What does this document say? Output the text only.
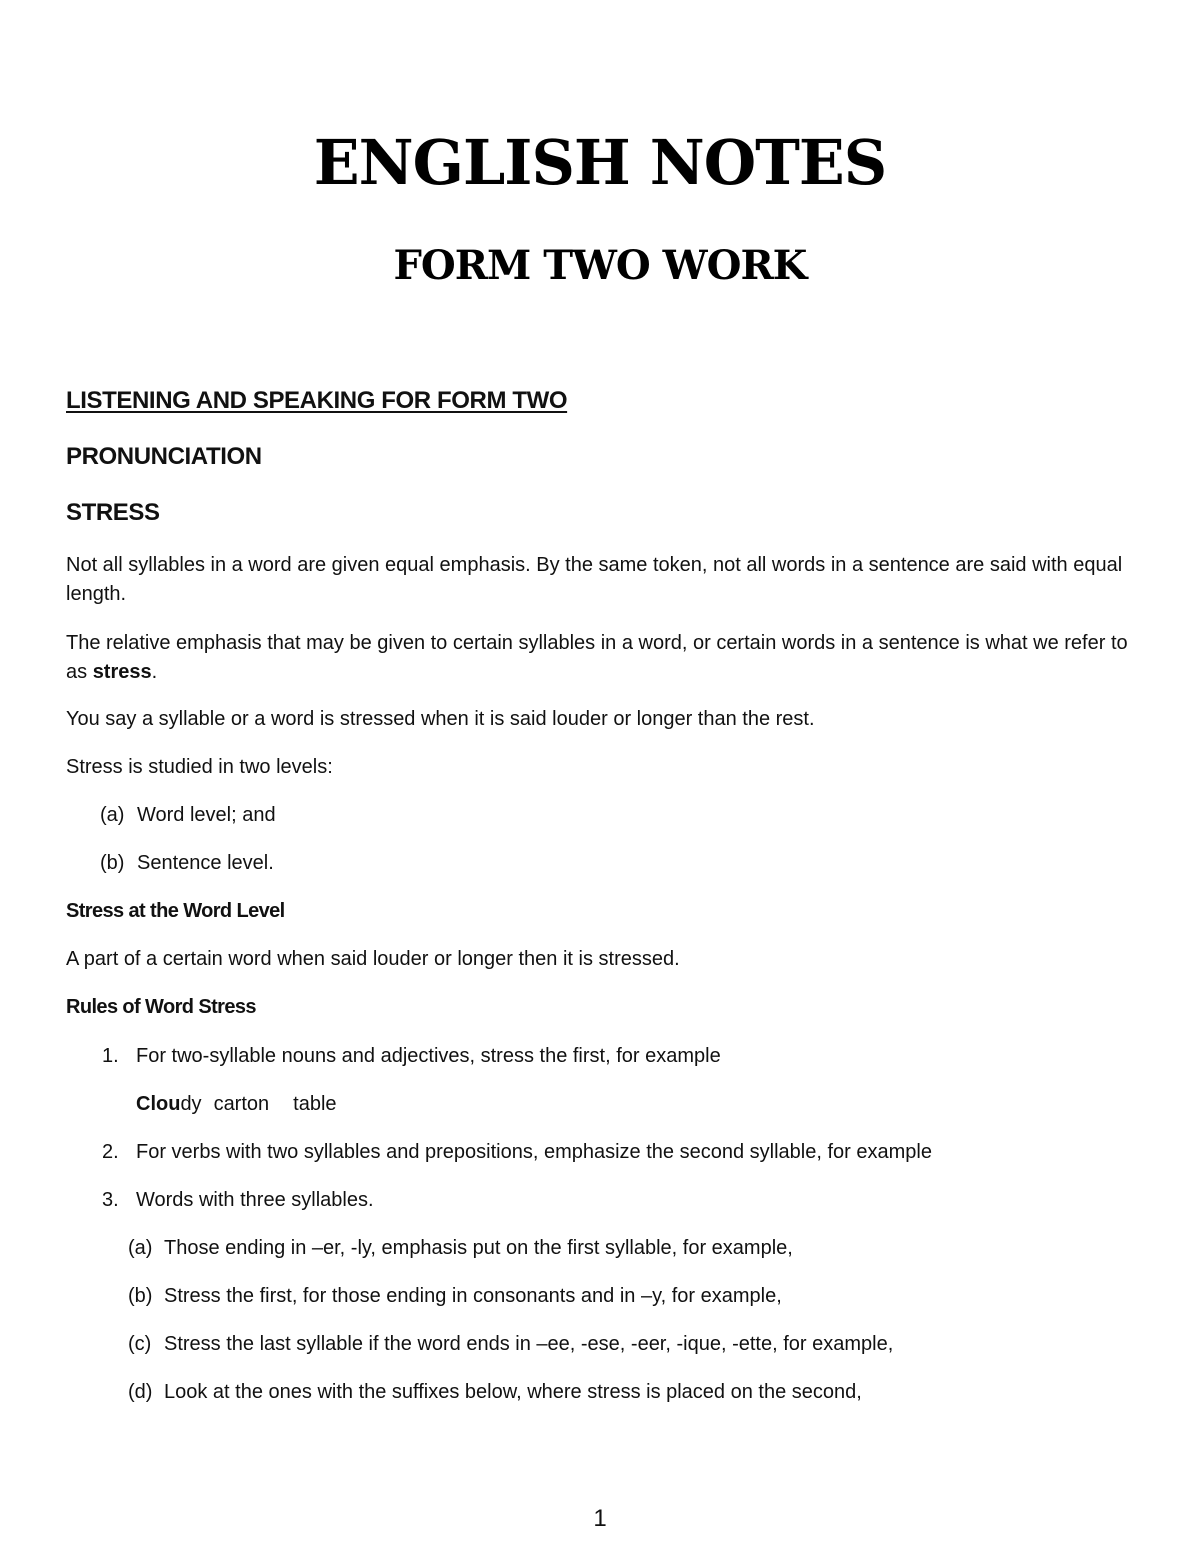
ENGLISH NOTES
FORM TWO WORK
LISTENING AND SPEAKING FOR FORM TWO
PRONUNCIATION
STRESS
Not all syllables in a word are given equal emphasis. By the same token, not all words in a sentence are said with equal length.
The relative emphasis that may be given to certain syllables in a word, or certain words in a sentence is what we refer to as stress.
You say a syllable or a word is stressed when it is said louder or longer than the rest.
Stress is studied in two levels:
(a) Word level; and
(b) Sentence level.
Stress at the Word Level
A part of a certain word when said louder or longer then it is stressed.
Rules of Word Stress
1. For two-syllable nouns and adjectives, stress the first, for example
Cloudy carton table
2. For verbs with two syllables and prepositions, emphasize the second syllable, for example
3. Words with three syllables.
(a) Those ending in –er, -ly, emphasis put on the first syllable, for example,
(b) Stress the first, for those ending in consonants and in –y, for example,
(c) Stress the last syllable if the word ends in –ee, -ese, -eer, -ique, -ette, for example,
(d) Look at the ones with the suffixes below, where stress is placed on the second,
1
